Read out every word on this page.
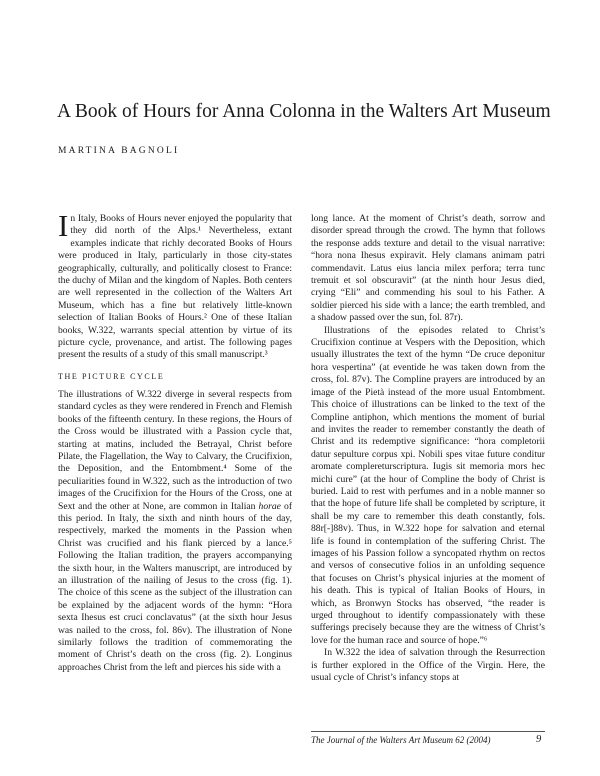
A Book of Hours for Anna Colonna in the Walters Art Museum
MARTINA BAGNOLI

In Italy, Books of Hours never enjoyed the popularity that they did north of the Alps.¹ Nevertheless, extant examples indicate that richly decorated Books of Hours were produced in Italy, particularly in those city-states geographically, culturally, and politically closest to France: the duchy of Milan and the kingdom of Naples. Both centers are well represented in the collection of the Walters Art Museum, which has a fine but relatively little-known selection of Italian Books of Hours.² One of these Italian books, W.322, warrants special attention by virtue of its picture cycle, provenance, and artist. The following pages present the results of a study of this small manuscript.³

THE PICTURE CYCLE

The illustrations of W.322 diverge in several respects from standard cycles as they were rendered in French and Flemish books of the fifteenth century. In these regions, the Hours of the Cross would be illustrated with a Passion cycle that, starting at matins, included the Betrayal, Christ before Pilate, the Flagellation, the Way to Calvary, the Crucifixion, the Deposition, and the Entombment.⁴ Some of the peculiarities found in W.322, such as the introduction of two images of the Crucifixion for the Hours of the Cross, one at Sext and the other at None, are common in Italian horae of this period. In Italy, the sixth and ninth hours of the day, respectively, marked the moments in the Passion when Christ was crucified and his flank pierced by a lance.⁵ Following the Italian tradition, the prayers accompanying the sixth hour, in the Walters manuscript, are introduced by an illustration of the nailing of Jesus to the cross (fig. 1). The choice of this scene as the subject of the illustration can be explained by the adjacent words of the hymn: “Hora sexta Ihesus est cruci conclavatus” (at the sixth hour Jesus was nailed to the cross, fol. 86v). The illustration of None similarly follows the tradition of commemorating the moment of Christ’s death on the cross (fig. 2). Longinus approaches Christ from the left and pierces his side with a

long lance. At the moment of Christ’s death, sorrow and disorder spread through the crowd. The hymn that follows the response adds texture and detail to the visual narrative: “hora nona Ihesus expiravit. Hely clamans animam patri commendavit. Latus eius lancia milex perfora; terra tunc tremuit et sol obscuravit” (at the ninth hour Jesus died, crying “Eli” and commending his soul to his Father. A soldier pierced his side with a lance; the earth trembled, and a shadow passed over the sun, fol. 87r).

Illustrations of the episodes related to Christ’s Crucifixion continue at Vespers with the Deposition, which usually illustrates the text of the hymn “De cruce deponitur hora vespertina” (at eventide he was taken down from the cross, fol. 87v). The Compline prayers are introduced by an image of the Pietà instead of the more usual Entombment. This choice of illustrations can be linked to the text of the Compline antiphon, which mentions the moment of burial and invites the reader to remember constantly the death of Christ and its redemptive significance: “hora completorii datur sepulture corpus xpi. Nobili spes vitae future conditur aromate complereturscriptura. Iugis sit memoria mors hec michi cure” (at the hour of Compline the body of Christ is buried. Laid to rest with perfumes and in a noble manner so that the hope of future life shall be completed by scripture, it shall be my care to remember this death constantly, fols. 88r[-]88v). Thus, in W.322 hope for salvation and eternal life is found in contemplation of the suffering Christ. The images of his Passion follow a syncopated rhythm on rectos and versos of consecutive folios in an unfolding sequence that focuses on Christ’s physical injuries at the moment of his death. This is typical of Italian Books of Hours, in which, as Bronwyn Stocks has observed, “the reader is urged throughout to identify compassionately with these sufferings precisely because they are the witness of Christ’s love for the human race and source of hope.”⁶

In W.322 the idea of salvation through the Resurrection is further explored in the Office of the Virgin. Here, the usual cycle of Christ’s infancy stops at

The Journal of the Walters Art Museum 62 (2004)	9
